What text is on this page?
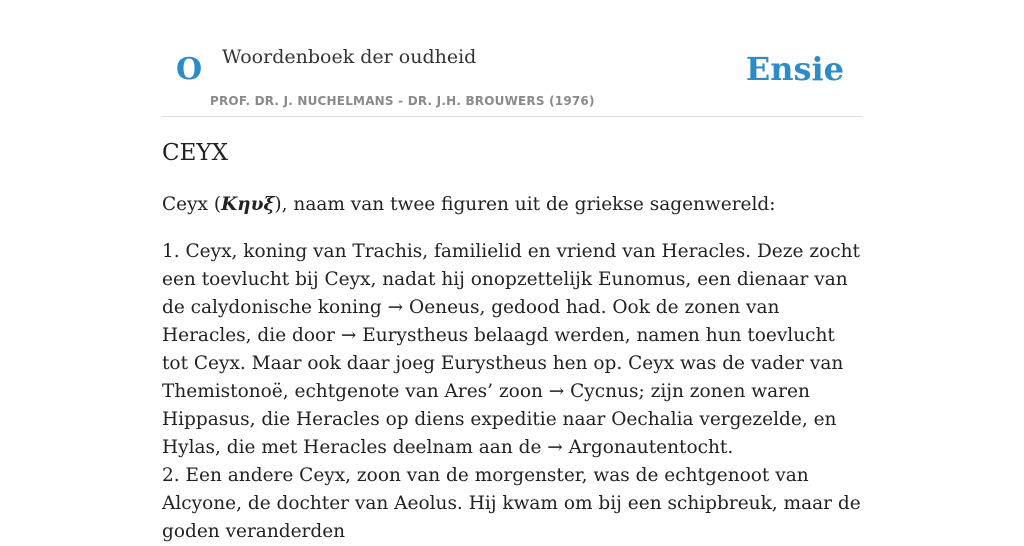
O Woordenboek der oudheid
PROF. DR. J. NUCHELMANS - DR. J.H. BROUWERS (1976)
Ensie
CEYX

Ceyx (Κηυξ), naam van twee figuren uit de griekse sagenwereld:

1. Ceyx, koning van Trachis, familielid en vriend van Heracles. Deze zocht een toevlucht bij Ceyx, nadat hij onopzettelijk Eunomus, een dienaar van de calydonische koning → Oeneus, gedood had. Ook de zonen van Heracles, die door → Eurystheus belaagd werden, namen hun toevlucht tot Ceyx. Maar ook daar joeg Eurystheus hen op. Ceyx was de vader van Themistonoë, echtgenote van Ares’ zoon → Cycnus; zijn zonen waren Hippasus, die Heracles op diens expeditie naar Oechalia vergezelde, en Hylas, die met Heracles deelnam aan de → Argonautentocht.

2. Een andere Ceyx, zoon van de morgenster, was de echtgenoot van Alcyone, de dochter van Aeolus. Hij kwam om bij een schipbreuk, maar de goden veranderden
